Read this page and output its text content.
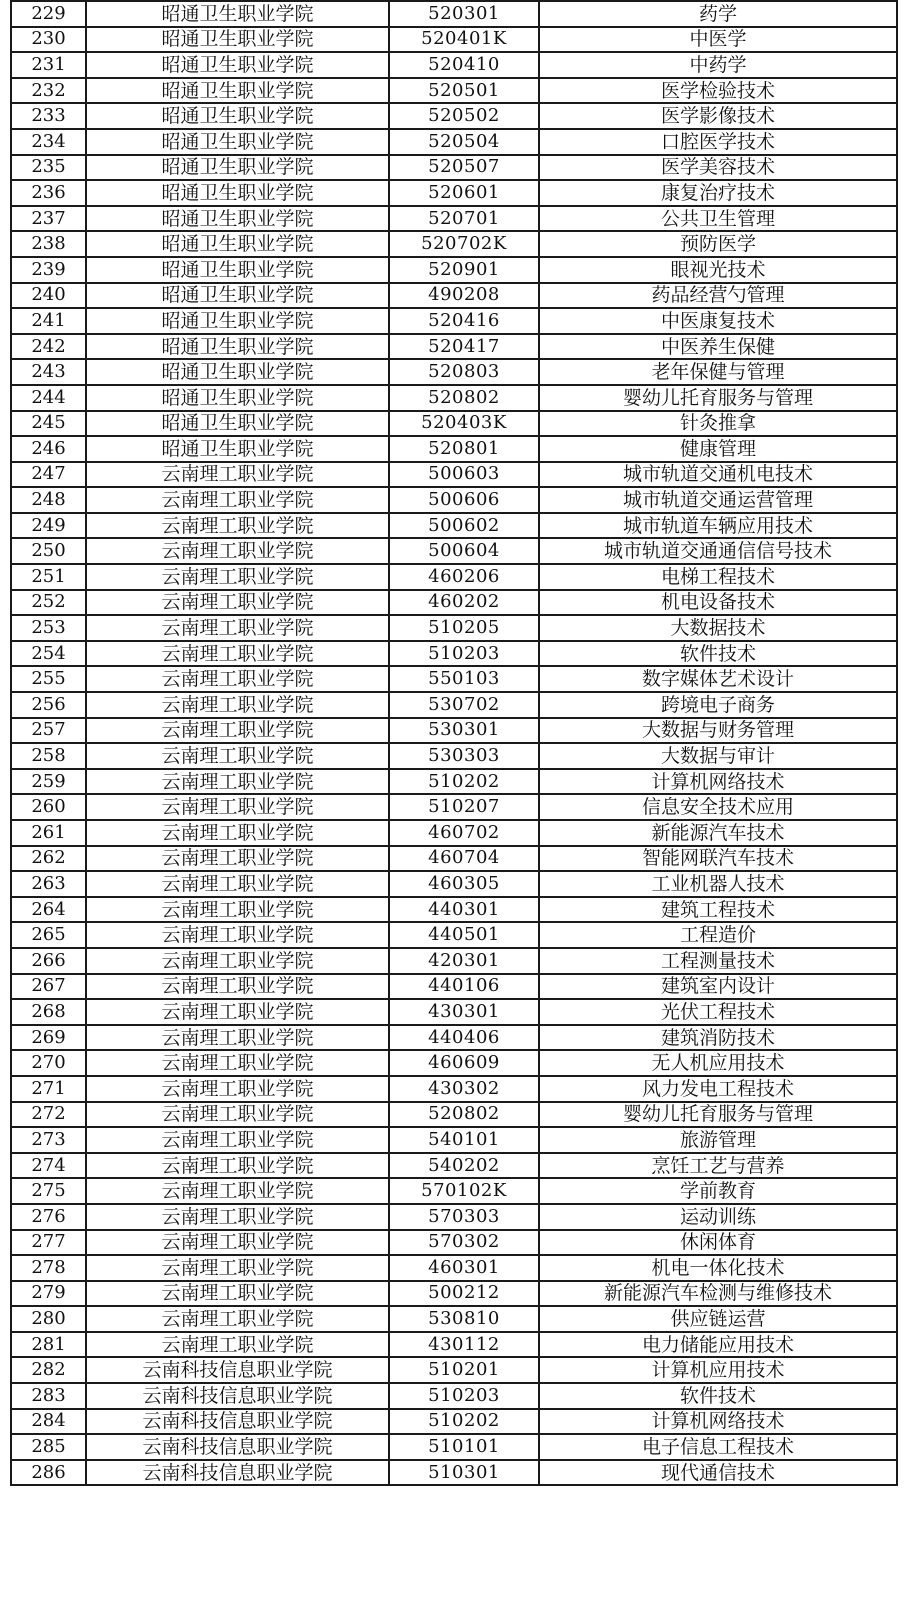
229	昭通卫生职业学院	520301	药学
230	昭通卫生职业学院	520401K	中医学
231	昭通卫生职业学院	520410	中药学
232	昭通卫生职业学院	520501	医学检验技术
233	昭通卫生职业学院	520502	医学影像技术
234	昭通卫生职业学院	520504	口腔医学技术
235	昭通卫生职业学院	520507	医学美容技术
236	昭通卫生职业学院	520601	康复治疗技术
237	昭通卫生职业学院	520701	公共卫生管理
238	昭通卫生职业学院	520702K	预防医学
239	昭通卫生职业学院	520901	眼视光技术
240	昭通卫生职业学院	490208	药品经营勺管理
241	昭通卫生职业学院	520416	中医康复技术
242	昭通卫生职业学院	520417	中医养生保健
243	昭通卫生职业学院	520803	老年保健与管理
244	昭通卫生职业学院	520802	婴幼儿托育服务与管理
245	昭通卫生职业学院	520403K	针灸推拿
246	昭通卫生职业学院	520801	健康管理
247	云南理工职业学院	500603	城市轨道交通机电技术
248	云南理工职业学院	500606	城市轨道交通运营管理
249	云南理工职业学院	500602	城市轨道车辆应用技术
250	云南理工职业学院	500604	城市轨道交通通信信号技术
251	云南理工职业学院	460206	电梯工程技术
252	云南理工职业学院	460202	机电设备技术
253	云南理工职业学院	510205	大数据技术
254	云南理工职业学院	510203	软件技术
255	云南理工职业学院	550103	数字媒体艺术设计
256	云南理工职业学院	530702	跨境电子商务
257	云南理工职业学院	530301	大数据与财务管理
258	云南理工职业学院	530303	大数据与审计
259	云南理工职业学院	510202	计算机网络技术
260	云南理工职业学院	510207	信息安全技术应用
261	云南理工职业学院	460702	新能源汽车技术
262	云南理工职业学院	460704	智能网联汽车技术
263	云南理工职业学院	460305	工业机器人技术
264	云南理工职业学院	440301	建筑工程技术
265	云南理工职业学院	440501	工程造价
266	云南理工职业学院	420301	工程测量技术
267	云南理工职业学院	440106	建筑室内设计
268	云南理工职业学院	430301	光伏工程技术
269	云南理工职业学院	440406	建筑消防技术
270	云南理工职业学院	460609	无人机应用技术
271	云南理工职业学院	430302	风力发电工程技术
272	云南理工职业学院	520802	婴幼儿托育服务与管理
273	云南理工职业学院	540101	旅游管理
274	云南理工职业学院	540202	烹饪工艺与营养
275	云南理工职业学院	570102K	学前教育
276	云南理工职业学院	570303	运动训练
277	云南理工职业学院	570302	休闲体育
278	云南理工职业学院	460301	机电一体化技术
279	云南理工职业学院	500212	新能源汽车检测与维修技术
280	云南理工职业学院	530810	供应链运营
281	云南理工职业学院	430112	电力储能应用技术
282	云南科技信息职业学院	510201	计算机应用技术
283	云南科技信息职业学院	510203	软件技术
284	云南科技信息职业学院	510202	计算机网络技术
285	云南科技信息职业学院	510101	电子信息工程技术
286	云南科技信息职业学院	510301	现代通信技术
